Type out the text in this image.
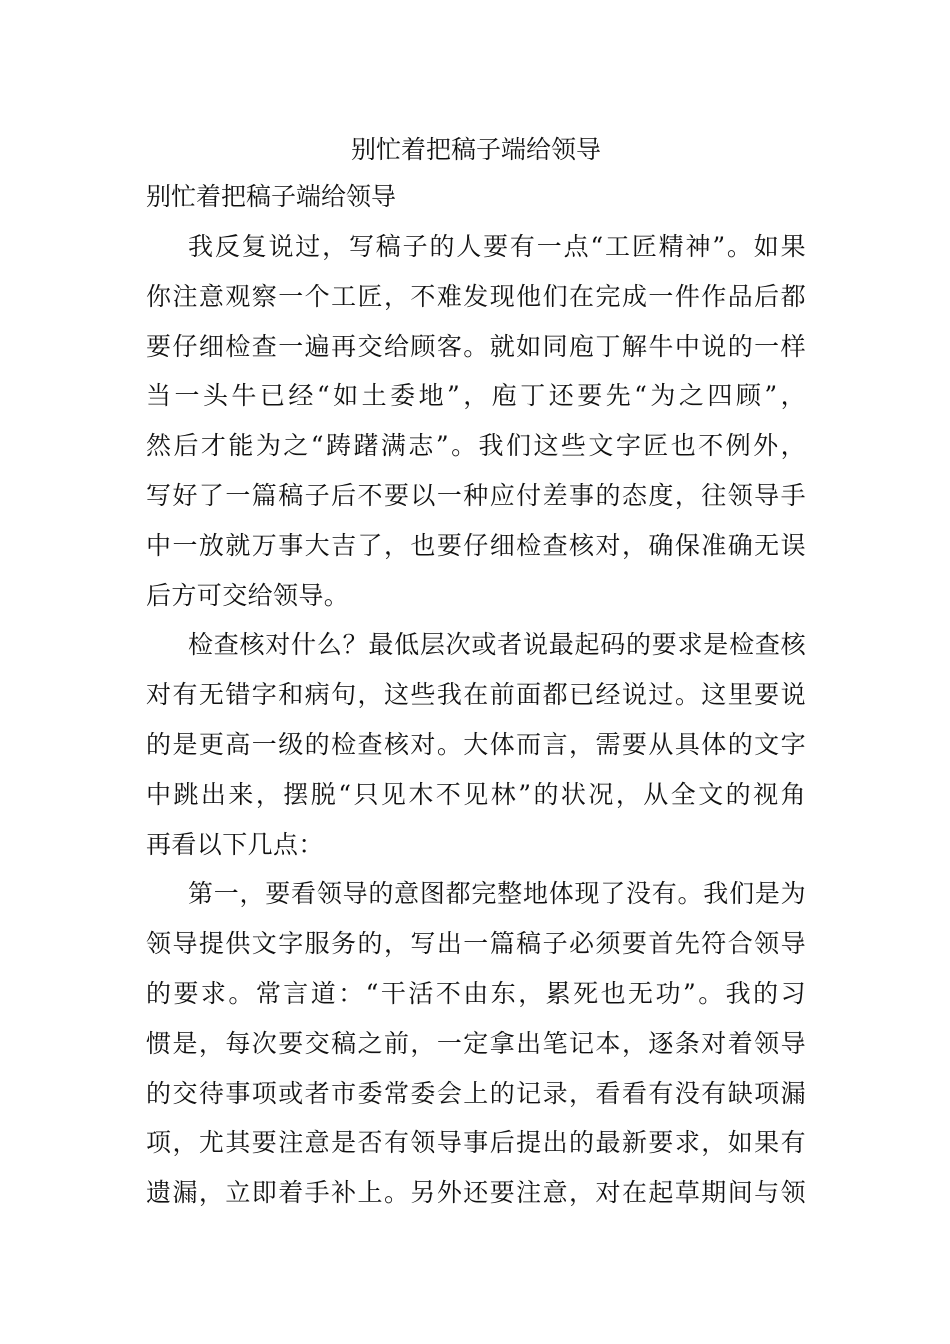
别忙着把稿子端给领导
别忙着把稿子端给领导
我反复说过，写稿子的人要有一点“工匠精神”。如果
你注意观察一个工匠，不难发现他们在完成一件作品后都
要仔细检查一遍再交给顾客。就如同庖丁解牛中说的一样
当一头牛已经“如土委地”，庖丁还要先“为之四顾”，
然后才能为之“踌躇满志”。我们这些文字匠也不例外，
写好了一篇稿子后不要以一种应付差事的态度，往领导手
中一放就万事大吉了，也要仔细检查核对，确保准确无误
后方可交给领导。
检查核对什么？最低层次或者说最起码的要求是检查核
对有无错字和病句，这些我在前面都已经说过。这里要说
的是更高一级的检查核对。大体而言，需要从具体的文字
中跳出来，摆脱“只见木不见林”的状况，从全文的视角
再看以下几点：
第一，要看领导的意图都完整地体现了没有。我们是为
领导提供文字服务的，写出一篇稿子必须要首先符合领导
的要求。常言道：“干活不由东，累死也无功”。我的习
惯是，每次要交稿之前，一定拿出笔记本，逐条对着领导
的交待事项或者市委常委会上的记录，看看有没有缺项漏
项，尤其要注意是否有领导事后提出的最新要求，如果有
遗漏，立即着手补上。另外还要注意，对在起草期间与领
